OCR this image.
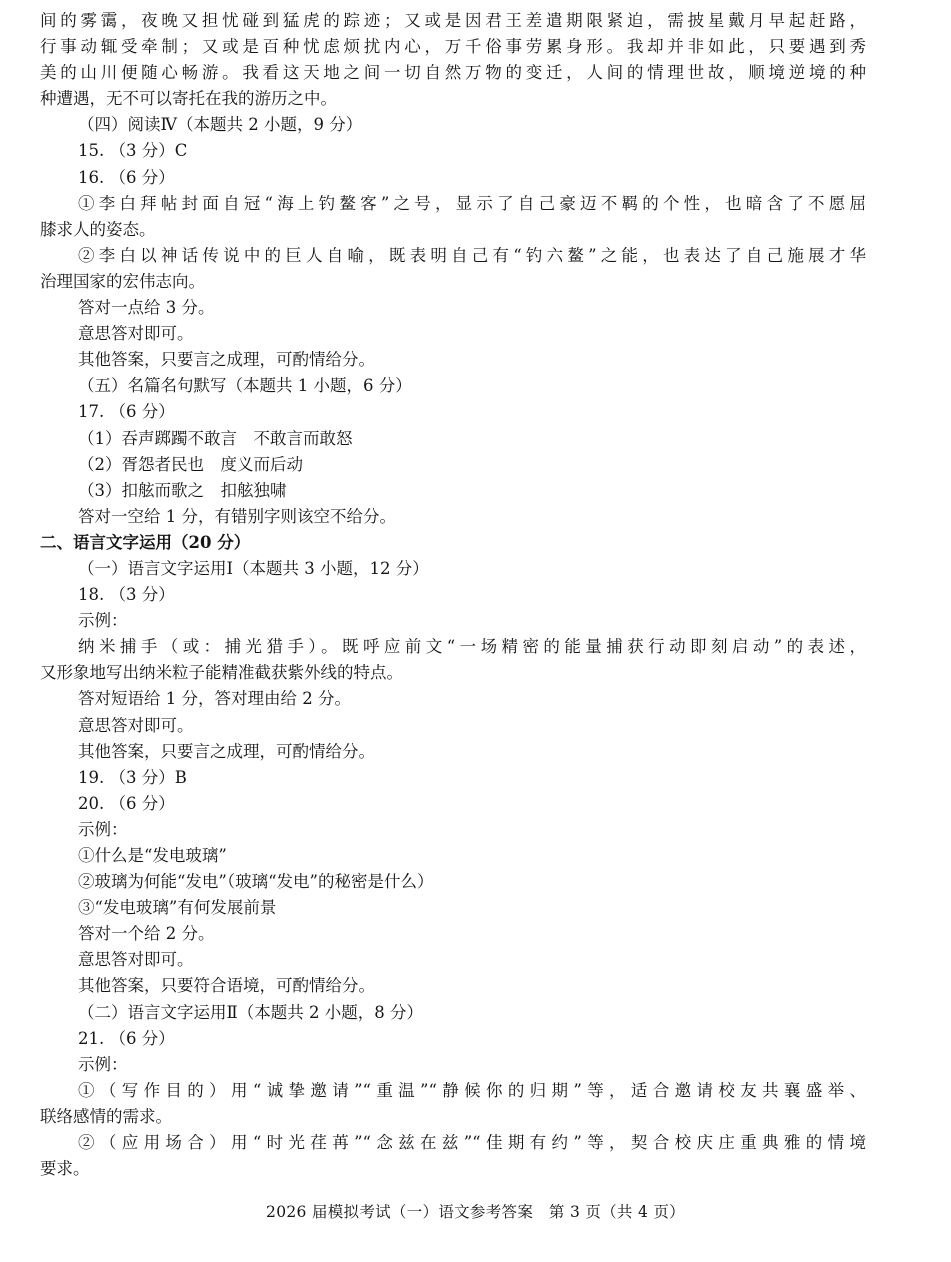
间的雾霭，夜晚又担忧碰到猛虎的踪迹；又或是因君王差遣期限紧迫，需披星戴月早起赶路，
行事动辄受牵制；又或是百种忧虑烦扰内心，万千俗事劳累身形。我却并非如此，只要遇到秀
美的山川便随心畅游。我看这天地之间一切自然万物的变迁，人间的情理世故，顺境逆境的种
种遭遇，无不可以寄托在我的游历之中。
（四）阅读Ⅳ（本题共 2 小题，9 分）
15. （3 分）C
16. （6 分）
①李白拜帖封面自冠“海上钓鳌客”之号，显示了自己豪迈不羁的个性，也暗含了不愿屈
膝求人的姿态。
②李白以神话传说中的巨人自喻，既表明自己有“钓六鳌”之能，也表达了自己施展才华
治理国家的宏伟志向。
答对一点给 3 分。
意思答对即可。
其他答案，只要言之成理，可酌情给分。
（五）名篇名句默写（本题共 1 小题，6 分）
17. （6 分）
（1）吞声踯躅不敢言　不敢言而敢怒
（2）胥怨者民也　度义而后动
（3）扣舷而歌之　扣舷独啸
答对一空给 1 分，有错别字则该空不给分。
二、语言文字运用（20 分）
（一）语言文字运用Ⅰ（本题共 3 小题，12 分）
18. （3 分）
示例：
纳米捕手（或：捕光猎手）。既呼应前文“一场精密的能量捕获行动即刻启动”的表述，
又形象地写出纳米粒子能精准截获紫外线的特点。
答对短语给 1 分，答对理由给 2 分。
意思答对即可。
其他答案，只要言之成理，可酌情给分。
19. （3 分）B
20. （6 分）
示例：
①什么是“发电玻璃”
②玻璃为何能“发电”（玻璃“发电”的秘密是什么）
③“发电玻璃”有何发展前景
答对一个给 2 分。
意思答对即可。
其他答案，只要符合语境，可酌情给分。
（二）语言文字运用Ⅱ（本题共 2 小题，8 分）
21. （6 分）
示例：
①（写作目的）用“诚挚邀请”“重温”“静候你的归期”等，适合邀请校友共襄盛举、
联络感情的需求。
②（应用场合）用“时光荏苒”“念兹在兹”“佳期有约”等，契合校庆庄重典雅的情境
要求。
2026 届模拟考试（一）语文参考答案　第 3 页（共 4 页）
